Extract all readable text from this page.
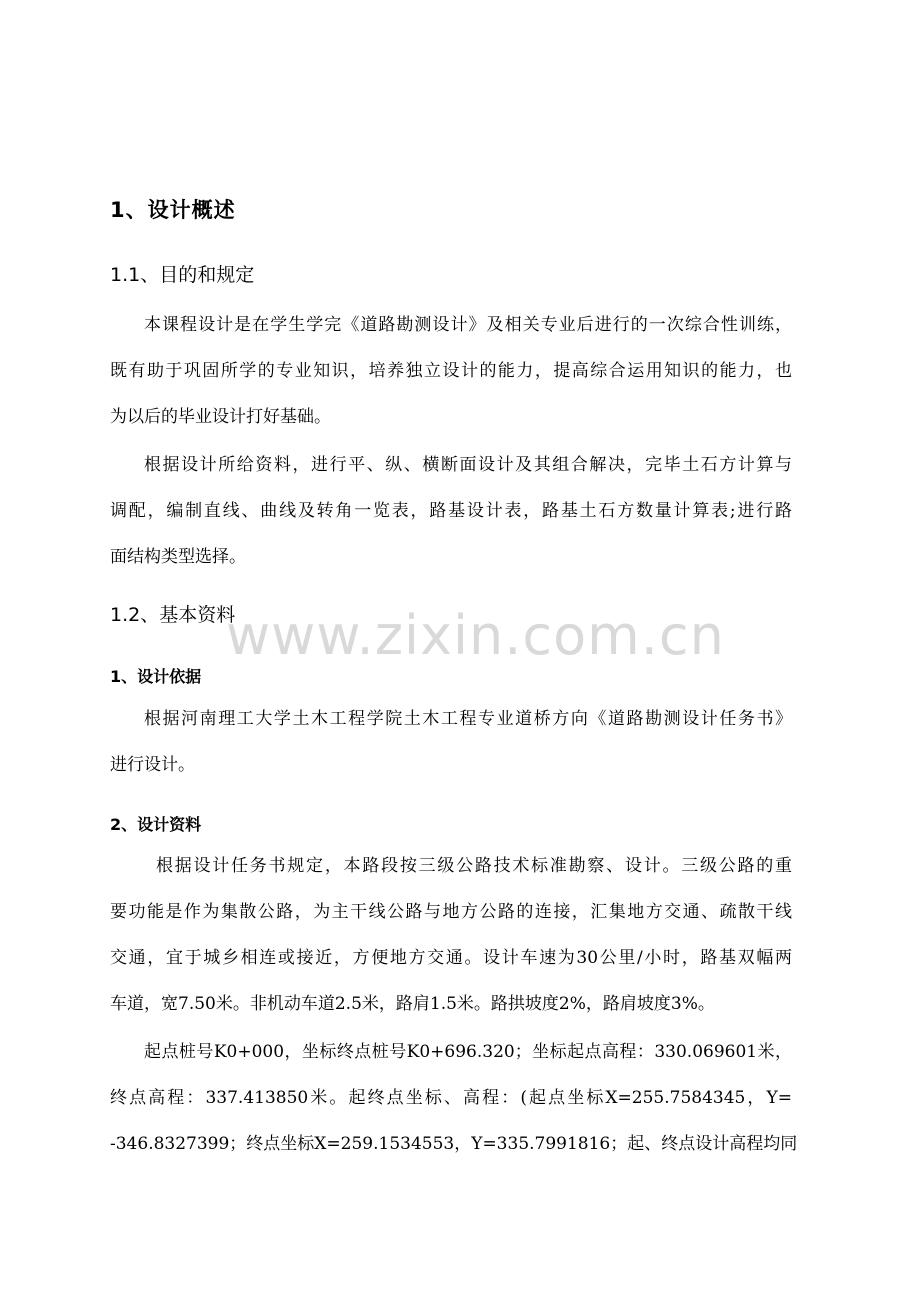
1、设计概述
1.1、目的和规定
本课程设计是在学生学完《道路勘测设计》及相关专业后进行的一次综合性训练，
既有助于巩固所学的专业知识，培养独立设计的能力，提高综合运用知识的能力，也
为以后的毕业设计打好基础。
根据设计所给资料，进行平、纵、横断面设计及其组合解决，完毕土石方计算与
调配，编制直线、曲线及转角一览表，路基设计表，路基土石方数量计算表;进行路
面结构类型选择。
1.2、基本资料
www.zixin.com.cn
1、设计依据
根据河南理工大学土木工程学院土木工程专业道桥方向《道路勘测设计任务书》
进行设计。
2、设计资料
根据设计任务书规定，本路段按三级公路技术标准勘察、设计。三级公路的重
要功能是作为集散公路，为主干线公路与地方公路的连接，汇集地方交通、疏散干线
交通，宜于城乡相连或接近，方便地方交通。设计车速为30公里/小时，路基双幅两
车道，宽7.50米。非机动车道2.5米，路肩1.5米。路拱坡度2%，路肩坡度3%。
起点桩号K0+000，坐标终点桩号K0+696.320；坐标起点高程：330.069601米，
终点高程：337.413850米。起终点坐标、高程：(起点坐标X=255.7584345，Y=
-346.8327399；终点坐标X=259.1534553，Y=335.7991816；起、终点设计高程均同
